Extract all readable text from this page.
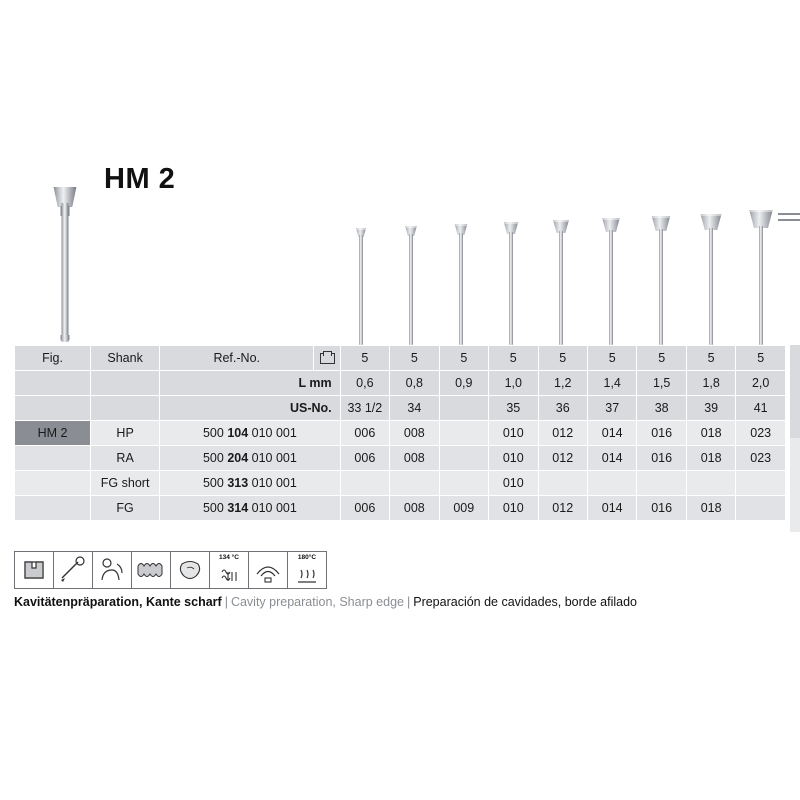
HM 2
Fig.	Shank	Ref.-No.		5	5	5	5	5	5	5	5	5
		L mm		0,6	0,8	0,9	1,0	1,2	1,4	1,5	1,8	2,0
		US-No.		33 1/2	34		35	36	37	38	39	41
HM 2	HP	500 104 010 001		006	008		010	012	014	016	018	023
	RA	500 204 010 001		006	008		010	012	014	016	018	023
	FG short	500 313 010 001					010					
	FG	500 314 010 001		006	008	009	010	012	014	016	018	
134 °C	180°C
Kavitätenpräparation, Kante scharf | Cavity preparation, Sharp edge | Preparación de cavidades, borde afilado
